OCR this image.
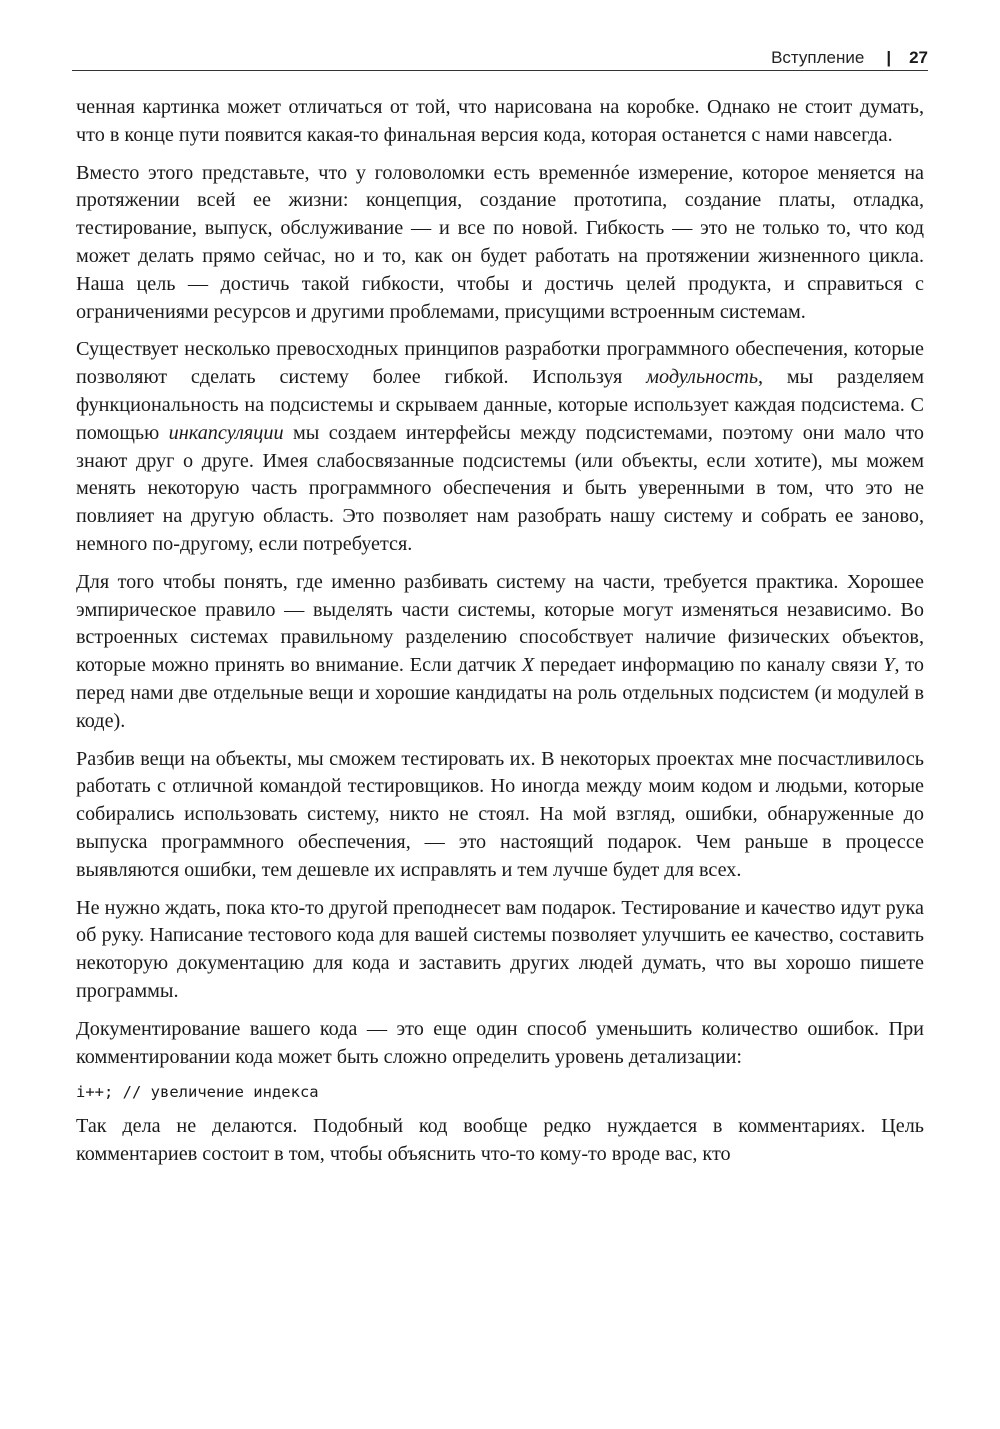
Вступление | 27

ченная картинка может отличаться от той, что нарисована на коробке. Однако не стоит думать, что в конце пути появится какая-то финальная версия кода, которая останется с нами навсегда.

Вместо этого представьте, что у головоломки есть временнóе измерение, которое меняется на протяжении всей ее жизни: концепция, создание прототипа, создание платы, отладка, тестирование, выпуск, обслуживание — и все по новой. Гибкость — это не только то, что код может делать прямо сейчас, но и то, как он будет работать на протяжении жизненного цикла. Наша цель — достичь такой гибкости, чтобы и достичь целей продукта, и справиться с ограничениями ресурсов и другими проблемами, присущими встроенным системам.

Существует несколько превосходных принципов разработки программного обеспечения, которые позволяют сделать систему более гибкой. Используя модульность, мы разделяем функциональность на подсистемы и скрываем данные, которые использует каждая подсистема. С помощью инкапсуляции мы создаем интерфейсы между подсистемами, поэтому они мало что знают друг о друге. Имея слабосвязанные подсистемы (или объекты, если хотите), мы можем менять некоторую часть программного обеспечения и быть уверенными в том, что это не повлияет на другую область. Это позволяет нам разобрать нашу систему и собрать ее заново, немного по-другому, если потребуется.

Для того чтобы понять, где именно разбивать систему на части, требуется практика. Хорошее эмпирическое правило — выделять части системы, которые могут изменяться независимо. Во встроенных системах правильному разделению способствует наличие физических объектов, которые можно принять во внимание. Если датчик X передает информацию по каналу связи Y, то перед нами две отдельные вещи и хорошие кандидаты на роль отдельных подсистем (и модулей в коде).

Разбив вещи на объекты, мы сможем тестировать их. В некоторых проектах мне посчастливилось работать с отличной командой тестировщиков. Но иногда между моим кодом и людьми, которые собирались использовать систему, никто не стоял. На мой взгляд, ошибки, обнаруженные до выпуска программного обеспечения, — это настоящий подарок. Чем раньше в процессе выявляются ошибки, тем дешевле их исправлять и тем лучше будет для всех.

Не нужно ждать, пока кто-то другой преподнесет вам подарок. Тестирование и качество идут рука об руку. Написание тестового кода для вашей системы позволяет улучшить ее качество, составить некоторую документацию для кода и заставить других людей думать, что вы хорошо пишете программы.

Документирование вашего кода — это еще один способ уменьшить количество ошибок. При комментировании кода может быть сложно определить уровень детализации:

i++; // увеличение индекса

Так дела не делаются. Подобный код вообще редко нуждается в комментариях. Цель комментариев состоит в том, чтобы объяснить что-то кому-то вроде вас, кто
